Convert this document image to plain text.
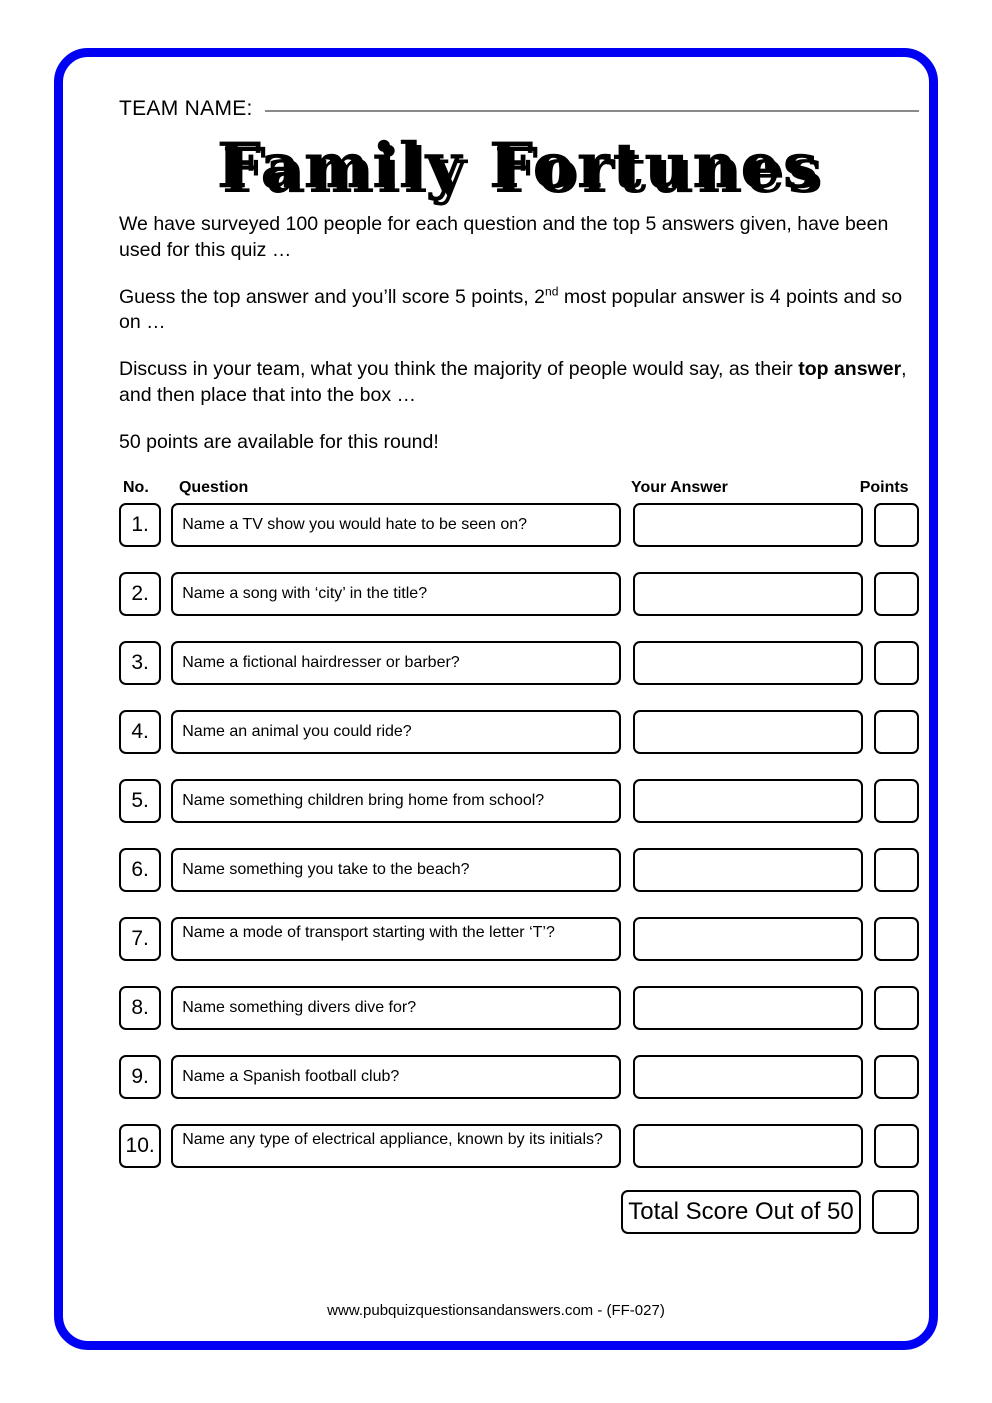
TEAM NAME:
Family Fortunes

We have surveyed 100 people for each question and the top 5 answers given, have been used for this quiz …

Guess the top answer and you’ll score 5 points, 2nd most popular answer is 4 points and so on …

Discuss in your team, what you think the majority of people would say, as their top answer, and then place that into the box …

50 points are available for this round!

No.	Question	Your Answer	Points
1.	Name a TV show you would hate to be seen on?
2.	Name a song with ‘city’ in the title?
3.	Name a fictional hairdresser or barber?
4.	Name an animal you could ride?
5.	Name something children bring home from school?
6.	Name something you take to the beach?
7.	Name a mode of transport starting with the letter ‘T’?
8.	Name something divers dive for?
9.	Name a Spanish football club?
10.	Name any type of electrical appliance, known by its initials?
Total Score Out of 50
www.pubquizquestionsandanswers.com - (FF-027)
